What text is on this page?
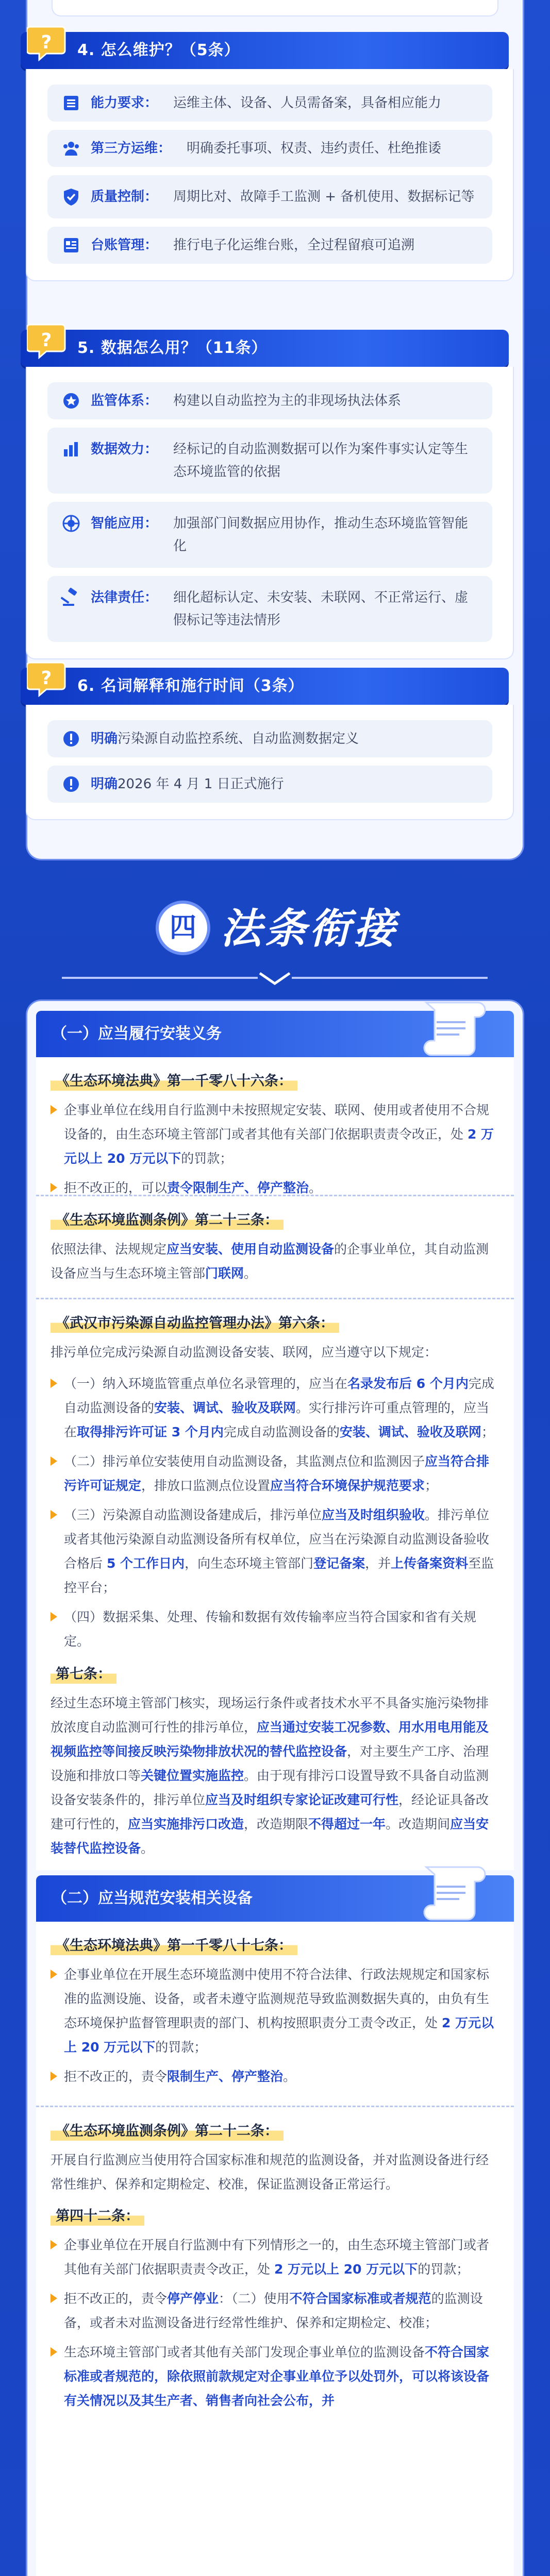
? 4. 怎么维护？（5条）
能力要求：	运维主体、设备、人员需备案，具备相应能力
第三方运维：	明确委托事项、权责、违约责任、杜绝推诿
质量控制：	周期比对、故障手工监测 + 备机使用、数据标记等
台账管理：	推行电子化运维台账，全过程留痕可追溯
? 5. 数据怎么用？（11条）
监管体系：	构建以自动监控为主的非现场执法体系
数据效力：	经标记的自动监测数据可以作为案件事实认定等生态环境监管的依据
智能应用：	加强部门间数据应用协作，推动生态环境监管智能化
法律责任：	细化超标认定、未安装、未联网、不正常运行、虚假标记等违法情形
? 6. 名词解释和施行时间（3条）
明确 污染源自动监控系统、自动监测数据定义
明确 2026 年 4 月 1 日正式施行
四 法条衔接
（一）应当履行安装义务
《生态环境法典》第一千零八十六条：
企事业单位在线用自行监测中未按照规定安装、联网、使用或者使用不合规设备的，由生态环境主管部门或者其他有关部门依据职责责令改正，处 2 万元以上 20 万元以下的罚款；
拒不改正的，可以责令限制生产、停产整治。
《生态环境监测条例》第二十三条：
依照法律、法规规定应当安装、使用自动监测设备的企事业单位，其自动监测设备应当与生态环境主管部门联网。
《武汉市污染源自动监控管理办法》第六条：
排污单位完成污染源自动监测设备安装、联网，应当遵守以下规定：
（一）纳入环境监管重点单位名录管理的，应当在名录发布后 6 个月内完成自动监测设备的安装、调试、验收及联网。实行排污许可重点管理的，应当在取得排污许可证 3 个月内完成自动监测设备的安装、调试、验收及联网；
（二）排污单位安装使用自动监测设备，其监测点位和监测因子应当符合排污许可证规定，排放口监测点位设置应当符合环境保护规范要求；
（三）污染源自动监测设备建成后，排污单位应当及时组织验收。排污单位或者其他污染源自动监测设备所有权单位，应当在污染源自动监测设备验收合格后 5 个工作日内，向生态环境主管部门登记备案，并上传备案资料至监控平台；
（四）数据采集、处理、传输和数据有效传输率应当符合国家和省有关规定。
第七条：
经过生态环境主管部门核实，现场运行条件或者技术水平不具备实施污染物排放浓度自动监测可行性的排污单位，应当通过安装工况参数、用水用电用能及视频监控等间接反映污染物排放状况的替代监控设备，对主要生产工序、治理设施和排放口等关键位置实施监控。由于现有排污口设置导致不具备自动监测设备安装条件的，排污单位应当及时组织专家论证改建可行性，经论证具备改建可行性的，应当实施排污口改造，改造期限不得超过一年。改造期间应当安装替代监控设备。
（二）应当规范安装相关设备
《生态环境法典》第一千零八十七条：
企事业单位在开展生态环境监测中使用不符合法律、行政法规规定和国家标准的监测设施、设备，或者未遵守监测规范导致监测数据失真的，由负有生态环境保护监督管理职责的部门、机构按照职责分工责令改正，处 2 万元以上 20 万元以下的罚款；
拒不改正的，责令限制生产、停产整治。
《生态环境监测条例》第二十二条：
开展自行监测应当使用符合国家标准和规范的监测设备，并对监测设备进行经常性维护、保养和定期检定、校准，保证监测设备正常运行。
第四十二条：
企事业单位在开展自行监测中有下列情形之一的，由生态环境主管部门或者其他有关部门依据职责责令改正，处 2 万元以上 20 万元以下的罚款；
拒不改正的，责令停产停业：（二）使用不符合国家标准或者规范的监测设备，或者未对监测设备进行经常性维护、保养和定期检定、校准；
生态环境主管部门或者其他有关部门发现企事业单位的监测设备不符合国家标准或者规范的，除依照前款规定对企事业单位予以处罚外，可以将该设备有关情况以及其生产者、销售者向社会公布，并
